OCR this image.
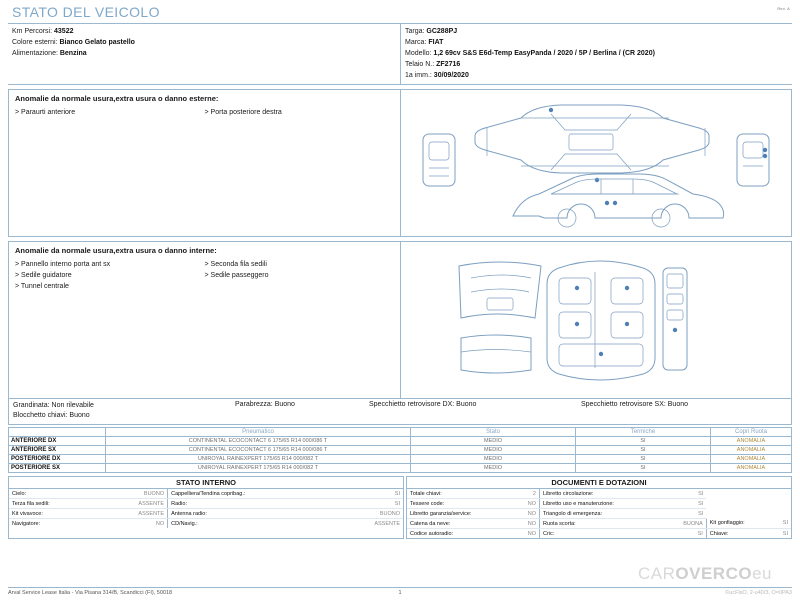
Rev. A
STATO DEL VEICOLO
Km Percorsi: 43522
Colore esterni: Bianco Gelato pastello
Alimentazione: Benzina
Targa: GC288PJ
Marca: FIAT
Modello: 1,2 69cv S&S E6d-Temp EasyPanda / 2020 / 5P / Berlina / (CR 2020)
Telaio N.: ZF2716
1a imm.: 30/09/2020
Anomalie da normale usura,extra usura o danno esterne:
> Paraurti anteriore	> Porta posteriore destra
Anomalie da normale usura,extra usura o danno interne:
> Pannello interno porta ant sx
> Sedile guidatore
> Tunnel centrale
> Seconda fila sedili
> Sedile passeggero
Grandinata: Non rilevabile
Blocchetto chiavi: Buono
Parabrezza: Buono	Specchietto retrovisore DX: Buono	Specchietto retrovisore SX: Buono
	Pneumatico	Stato	Termiche	Copri Ruota
ANTERIORE DX	CONTINENTAL ECOCONTACT 6 175/65 R14 000/086 T	MEDIO	SI	ANOMALIA
ANTERIORE SX	CONTINENTAL ECOCONTACT 6 175/65 R14 000/086 T	MEDIO	SI	ANOMALIA
POSTERIORE DX	UNIROYAL RAINEXPERT 175/65 R14 000/082 T	MEDIO	SI	ANOMALIA
POSTERIORE SX	UNIROYAL RAINEXPERT 175/65 R14 000/082 T	MEDIO	SI	ANOMALIA
STATO INTERNO
Cielo:	BUONO	Cappelliera/Tendina copribag.:	SI
Terza fila sedili:	ASSENTE	Radio:	SI
Kit vivavoce:	ASSENTE	Antenna radio:	BUONO
Navigatore:	NO	CD/Navig.:	ASSENTE
DOCUMENTI E DOTAZIONI
Totale chiavi:	2	Libretto circolazione:	SI		
Tessere code:	NO	Libretto uso e manutenzione:	SI		
Libretto garanzia/service:	NO	Triangolo di emergenza:	SI		
Catena da neve:	NO	Ruota scorta:	BUONA	Kit gonfiaggio:	SI
Codice autoradio:	NO	Cric:	SI	Chiave:	SI
CAROVERCOeu
Arval Service Lease Italia - Via Pisana 314/B, Scandicci (FI), 50018	1	©ucFlsO, 2-u40/3, O=0PA3
